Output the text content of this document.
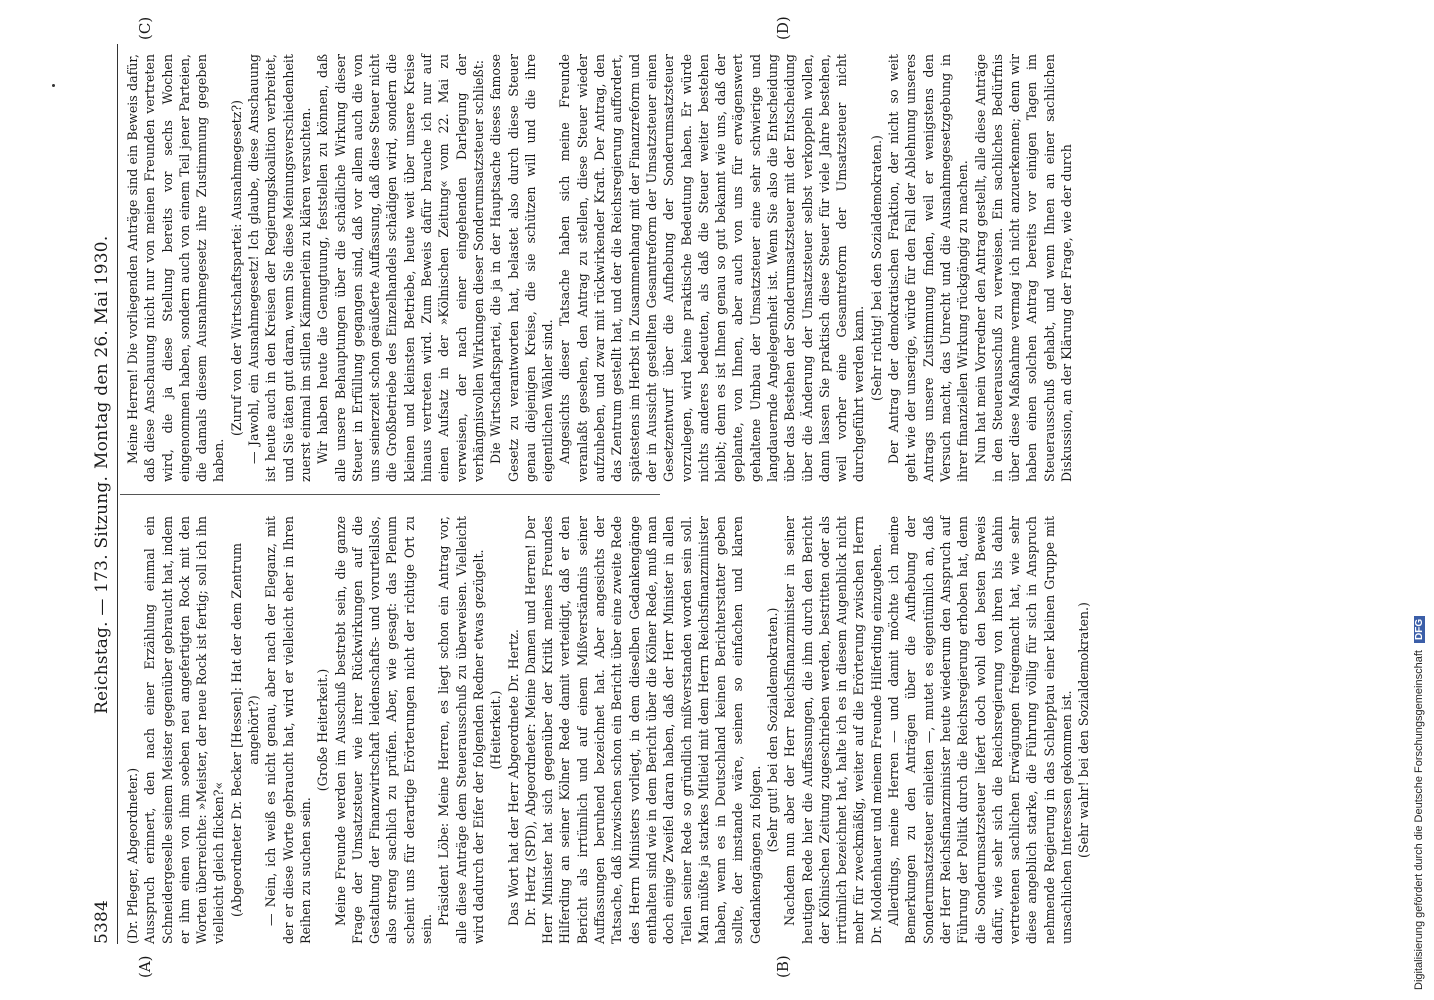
5384
Reichstag. — 173. Sitzung.
Montag den 26. Mai 1930.
(A)	(B)
(C)	(D)

(Dr. Pfleger, Abgeordneter.) Ausspruch erinnert, den nach einer Erzählung einmal ein Schneidergeselle seinem Meister gegenüber gebraucht hat, indem er ihm einen von ihm soeben neu angefertigten Rock mit den Worten überreichte: »Meister, der neue Rock ist fertig; soll ich ihn vielleicht gleich flicken?« (Abgeordneter Dr. Becker [Hessen]: Hat der dem Zentrum angehört?) — Nein, ich weiß es nicht genau, aber nach der Eleganz, mit der er diese Worte gebraucht hat, wird er vielleicht eher in Ihren Reihen zu suchen sein.

(Große Heiterkeit.) Meine Freunde werden im Ausschuß bestrebt sein, die ganze Frage der Umsatzsteuer wie ihrer Rückwirkungen auf die Gestaltung der Finanzwirtschaft leidenschafts- und vorurteilslos, also streng sachlich zu prüfen. Aber, wie gesagt: das Plenum scheint uns für derartige Erörterungen nicht der richtige Ort zu sein.

Präsident Löbe: Meine Herren, es liegt schon ein Antrag vor, alle diese Anträge dem Steuerausschuß zu überweisen. Vielleicht wird dadurch der Eifer der folgenden Redner etwas gezügelt. (Heiterkeit.) Das Wort hat der Herr Abgeordnete Dr. Hertz. Dr. Hertz (SPD), Abgeordneter: Meine Damen und Herren! Der Herr Minister hat sich gegenüber der Kritik meines Freundes Hilferding an seiner Kölner Rede damit verteidigt, daß er den Bericht als irrtümlich und auf einem Mißverständnis seiner Auffassungen beruhend bezeichnet hat. Aber angesichts der Tatsache, daß inzwischen schon ein Bericht über eine zweite Rede des Herrn Ministers vorliegt, in dem dieselben Gedankengänge enthalten sind wie in dem Bericht über die Kölner Rede, muß man doch einige Zweifel daran haben, daß der Herr Minister in allen Teilen seiner Rede so gründlich mißverstanden worden sein soll. Man müßte ja starkes Mitleid mit dem Herrn Reichsfinanzminister haben, wenn es in Deutschland keinen Berichterstatter geben sollte, der imstande wäre, seinen so einfachen und klaren Gedankengängen zu folgen.

(Sehr gut! bei den Sozialdemokraten.) Nachdem nun aber der Herr Reichsfinanzminister in seiner heutigen Rede hier die Auffassungen, die ihm durch den Bericht der Kölnischen Zeitung zugeschrieben werden, bestritten oder als irrtümlich bezeichnet hat, halte ich es in diesem Augenblick nicht mehr für zweckmäßig, weiter auf die Erörterung zwischen Herrn Dr. Moldenhauer und meinem Freunde Hilferding einzugehen. Allerdings, meine Herren — und damit möchte ich meine Bemerkungen zu den Anträgen über die Aufhebung der Sonderumsatzsteuer einleiten —, mutet es eigentümlich an, daß der Herr Reichsfinanzminister heute wiederum den Anspruch auf Führung der Politik durch die Reichsregierung erhoben hat, denn die Sonderumsatzsteuer liefert doch wohl den besten Beweis dafür, wie sehr sich die Reichsregierung von ihren bis dahin vertretenen sachlichen Erwägungen freigemacht hat, wie sehr diese angeblich starke, die Führung völlig für sich in Anspruch nehmende Regierung in das Schlepptau einer kleinen Gruppe mit unsachlichen Interessen gekommen ist. (Sehr wahr! bei den Sozialdemokraten.)

Meine Herren! Die vorliegenden Anträge sind ein Beweis dafür, daß diese Anschauung nicht nur von meinen Freunden vertreten wird, die ja diese Stellung bereits vor sechs Wochen eingenommen haben, sondern auch von einem Teil jener Parteien, die damals diesem Ausnahmegesetz ihre Zustimmung gegeben haben.

(Zuruf von der Wirtschaftspartei: Ausnahmegesetz?) — Jawohl, ein Ausnahmegesetz! Ich glaube, diese Anschauung ist heute auch in den Kreisen der Regierungskoalition verbreitet, und Sie täten gut daran, wenn Sie diese Meinungsverschiedenheit zuerst einmal im stillen Kämmerlein zu klären versuchten. Wir haben heute die Genugtuung, feststellen zu können, daß alle unsere Behauptungen über die schädliche Wirkung dieser Steuer in Erfüllung gegangen sind, daß vor allem auch die von uns seinerzeit schon geäußerte Auffassung, daß diese Steuer nicht die Großbetriebe des Einzelhandels schädigen wird, sondern die kleinen und kleinsten Betriebe, heute weit über unsere Kreise hinaus vertreten wird. Zum Beweis dafür brauche ich nur auf einen Aufsatz in der »Kölnischen Zeitung« vom 22. Mai zu verweisen, der nach einer eingehenden Darlegung der verhängnisvollen Wirkungen dieser Sonderumsatzsteuer schließt: Die Wirtschaftspartei, die ja in der Hauptsache dieses famose Gesetz zu verantworten hat, belastet also durch diese Steuer genau diejenigen Kreise, die sie schützen will und die ihre eigentlichen Wähler sind. Angesichts dieser Tatsache haben sich meine Freunde veranlaßt gesehen, den Antrag zu stellen, diese Steuer wieder aufzuheben, und zwar mit rückwirkender Kraft. Der Antrag, den das Zentrum gestellt hat, und der die Reichsregierung auffordert, spätestens im Herbst in Zusammenhang mit der Finanzreform und der in Aussicht gestellten Gesamtreform der Umsatzsteuer einen Gesetzentwurf über die Aufhebung der Sonderumsatzsteuer vorzulegen, wird keine praktische Bedeutung haben. Er würde nichts anderes bedeuten, als daß die Steuer weiter bestehen bleibt; denn es ist Ihnen genau so gut bekannt wie uns, daß der geplante, von Ihnen, aber auch von uns für erwägenswert gehaltene Umbau der Umsatzsteuer eine sehr schwierige und langdauernde Angelegenheit ist. Wenn Sie also die Entscheidung über das Bestehen der Sonderumsatzsteuer mit der Entscheidung über die Änderung der Umsatzsteuer selbst verkoppeln wollen, dann lassen Sie praktisch diese Steuer für viele Jahre bestehen, weil vorher eine Gesamtreform der Umsatzsteuer nicht durchgeführt werden kann. (Sehr richtig! bei den Sozialdemokraten.) Der Antrag der demokratischen Fraktion, der nicht so weit geht wie der unserige, würde für den Fall der Ablehnung unseres Antrags unsere Zustimmung finden, weil er wenigstens den Versuch macht, das Unrecht und die Ausnahmegesetzgebung in ihrer finanziellen Wirkung rückgängig zu machen. Nun hat mein Vorredner den Antrag gestellt, alle diese Anträge in den Steuerausschuß zu verweisen. Ein sachliches Bedürfnis über diese Maßnahme vermag ich nicht anzuerkennen; denn wir haben einen solchen Antrag bereits vor einigen Tagen im Steuerausschuß gehabt, und wenn Ihnen an einer sachlichen Diskussion, an der Klärung der Frage, wie der durch

Digitalisierung gefördert durch die Deutsche Forschungsgemeinschaft DFG
